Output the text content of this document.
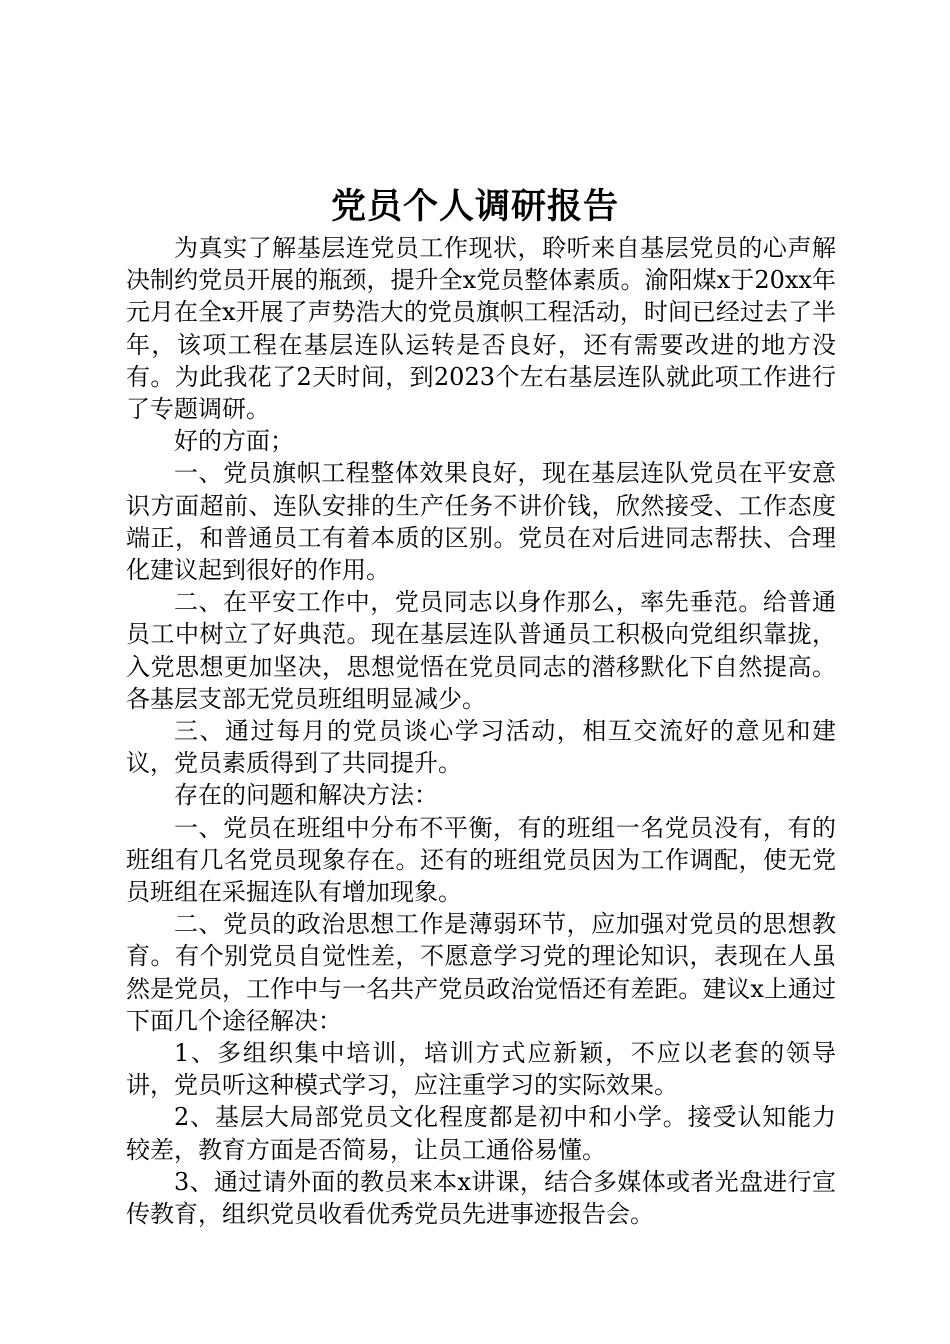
党员个人调研报告

为真实了解基层连党员工作现状，聆听来自基层党员的心声解决制约党员开展的瓶颈，提升全x党员整体素质。渝阳煤x于20xx年元月在全x开展了声势浩大的党员旗帜工程活动，时间已经过去了半年，该项工程在基层连队运转是否良好，还有需要改进的地方没有。为此我花了2天时间，到2023个左右基层连队就此项工作进行了专题调研。

好的方面；

一、党员旗帜工程整体效果良好，现在基层连队党员在平安意识方面超前、连队安排的生产任务不讲价钱，欣然接受、工作态度端正，和普通员工有着本质的区别。党员在对后进同志帮扶、合理化建议起到很好的作用。

二、在平安工作中，党员同志以身作那么，率先垂范。给普通员工中树立了好典范。现在基层连队普通员工积极向党组织靠拢，入党思想更加坚决，思想觉悟在党员同志的潜移默化下自然提高。各基层支部无党员班组明显减少。

三、通过每月的党员谈心学习活动，相互交流好的意见和建议，党员素质得到了共同提升。

存在的问题和解决方法：

一、党员在班组中分布不平衡，有的班组一名党员没有，有的班组有几名党员现象存在。还有的班组党员因为工作调配，使无党员班组在采掘连队有增加现象。

二、党员的政治思想工作是薄弱环节，应加强对党员的思想教育。有个别党员自觉性差，不愿意学习党的理论知识，表现在人虽然是党员，工作中与一名共产党员政治觉悟还有差距。建议x上通过下面几个途径解决：

1、多组织集中培训，培训方式应新颖，不应以老套的领导讲，党员听这种模式学习，应注重学习的实际效果。

2、基层大局部党员文化程度都是初中和小学。接受认知能力较差，教育方面是否简易，让员工通俗易懂。

3、通过请外面的教员来本x讲课，结合多媒体或者光盘进行宣传教育，组织党员收看优秀党员先进事迹报告会。
